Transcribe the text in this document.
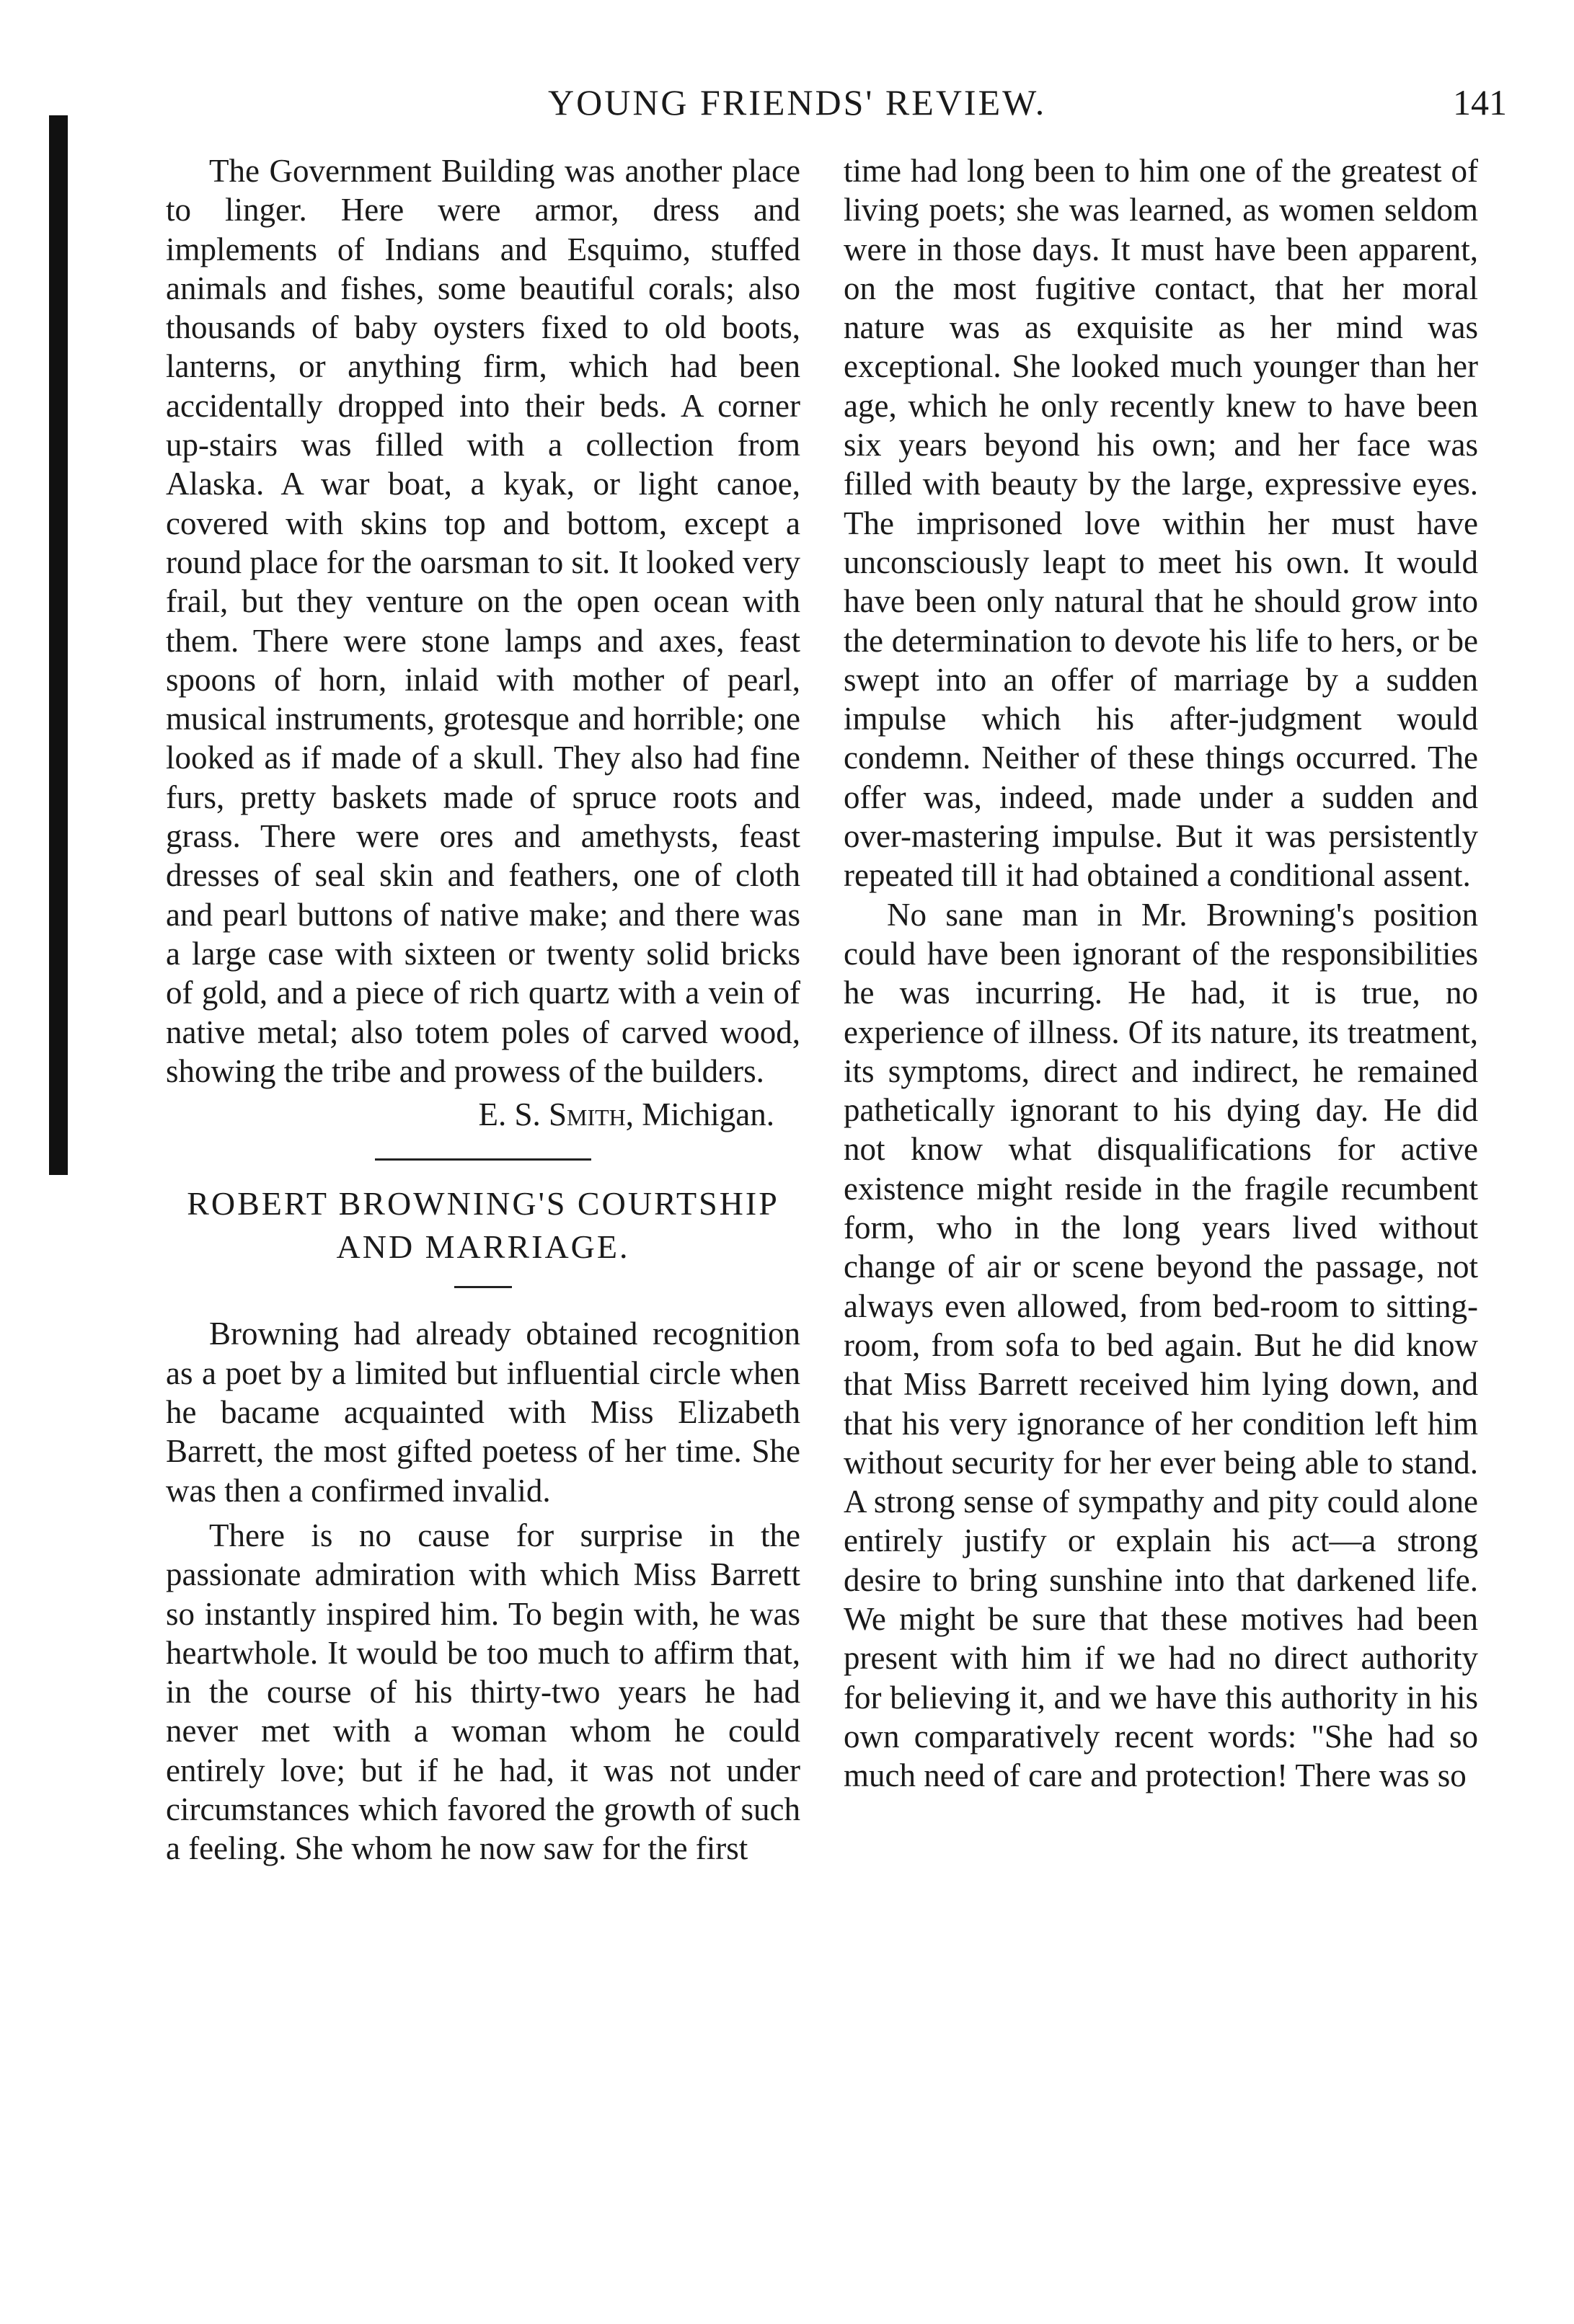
YOUNG FRIENDS' REVIEW.	141

The Government Building was another place to linger. Here were armor, dress and implements of Indians and Esquimo, stuffed animals and fishes, some beautiful corals; also thousands of baby oysters fixed to old boots, lanterns, or anything firm, which had been accidentally dropped into their beds. A corner up-stairs was filled with a collection from Alaska. A war boat, a kyak, or light canoe, covered with skins top and bottom, except a round place for the oarsman to sit. It looked very frail, but they venture on the open ocean with them. There were stone lamps and axes, feast spoons of horn, inlaid with mother of pearl, musical instruments, grotesque and horrible; one looked as if made of a skull. They also had fine furs, pretty baskets made of spruce roots and grass. There were ores and amethysts, feast dresses of seal skin and feathers, one of cloth and pearl buttons of native make; and there was a large case with sixteen or twenty solid bricks of gold, and a piece of rich quartz with a vein of native metal; also totem poles of carved wood, showing the tribe and prowess of the builders.

E. S. Smith, Michigan.

ROBERT BROWNING'S COURTSHIP AND MARRIAGE.

Browning had already obtained recognition as a poet by a limited but influential circle when he bacame acquainted with Miss Elizabeth Barrett, the most gifted poetess of her time. She was then a confirmed invalid.

There is no cause for surprise in the passionate admiration with which Miss Barrett so instantly inspired him. To begin with, he was heartwhole. It would be too much to affirm that, in the course of his thirty-two years he had never met with a woman whom he could entirely love; but if he had, it was not under circumstances which favored the growth of such a feeling. She whom he now saw for the first

time had long been to him one of the greatest of living poets; she was learned, as women seldom were in those days. It must have been apparent, on the most fugitive contact, that her moral nature was as exquisite as her mind was exceptional. She looked much younger than her age, which he only recently knew to have been six years beyond his own; and her face was filled with beauty by the large, expressive eyes. The imprisoned love within her must have unconsciously leapt to meet his own. It would have been only natural that he should grow into the determination to devote his life to hers, or be swept into an offer of marriage by a sudden impulse which his after-judgment would condemn. Neither of these things occurred. The offer was, indeed, made under a sudden and over-mastering impulse. But it was persistently repeated till it had obtained a conditional assent.

No sane man in Mr. Browning's position could have been ignorant of the responsibilities he was incurring. He had, it is true, no experience of illness. Of its nature, its treatment, its symptoms, direct and indirect, he remained pathetically ignorant to his dying day. He did not know what disqualifications for active existence might reside in the fragile recumbent form, who in the long years lived without change of air or scene beyond the passage, not always even allowed, from bed-room to sitting-room, from sofa to bed again. But he did know that Miss Barrett received him lying down, and that his very ignorance of her condition left him without security for her ever being able to stand. A strong sense of sympathy and pity could alone entirely justify or explain his act—a strong desire to bring sunshine into that darkened life. We might be sure that these motives had been present with him if we had no direct authority for believing it, and we have this authority in his own comparatively recent words: "She had so much need of care and protection! There was so
